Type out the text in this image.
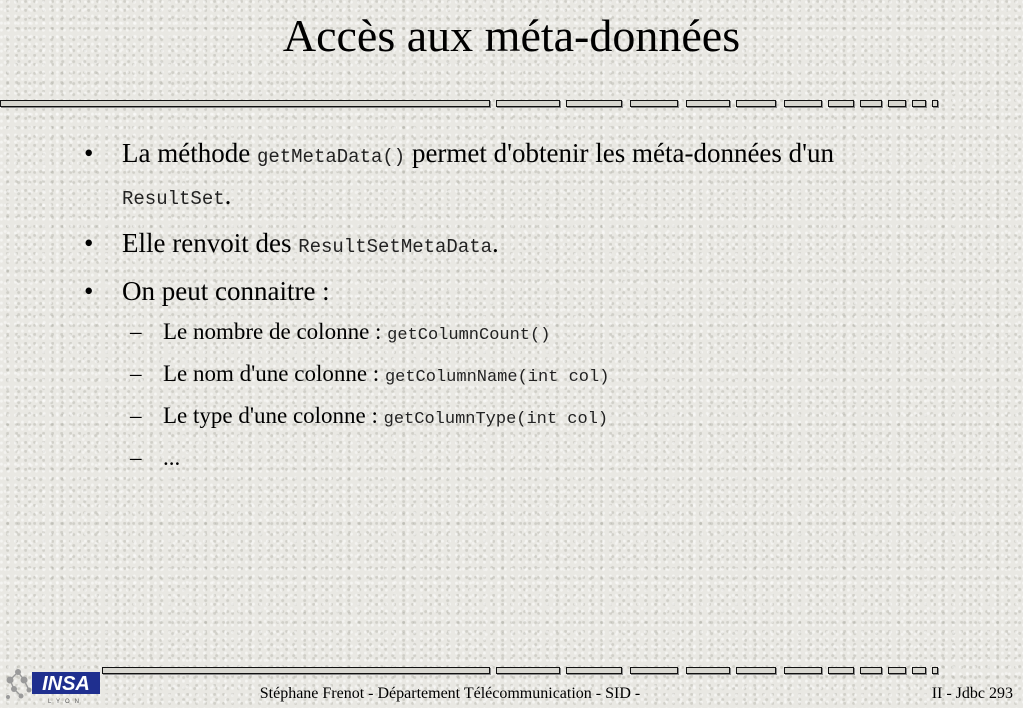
Accès aux méta-données
• La méthode getMetaData() permet d'obtenir les méta-données d'un ResultSet.
• Elle renvoit des ResultSetMetaData.
• On peut connaitre :
– Le nombre de colonne : getColumnCount()
– Le nom d'une colonne : getColumnName(int col)
– Le type d'une colonne : getColumnType(int col)
– ...
INSA
LYON	Stéphane Frenot - Département Télécommunication - SID -	II - Jdbc 293
